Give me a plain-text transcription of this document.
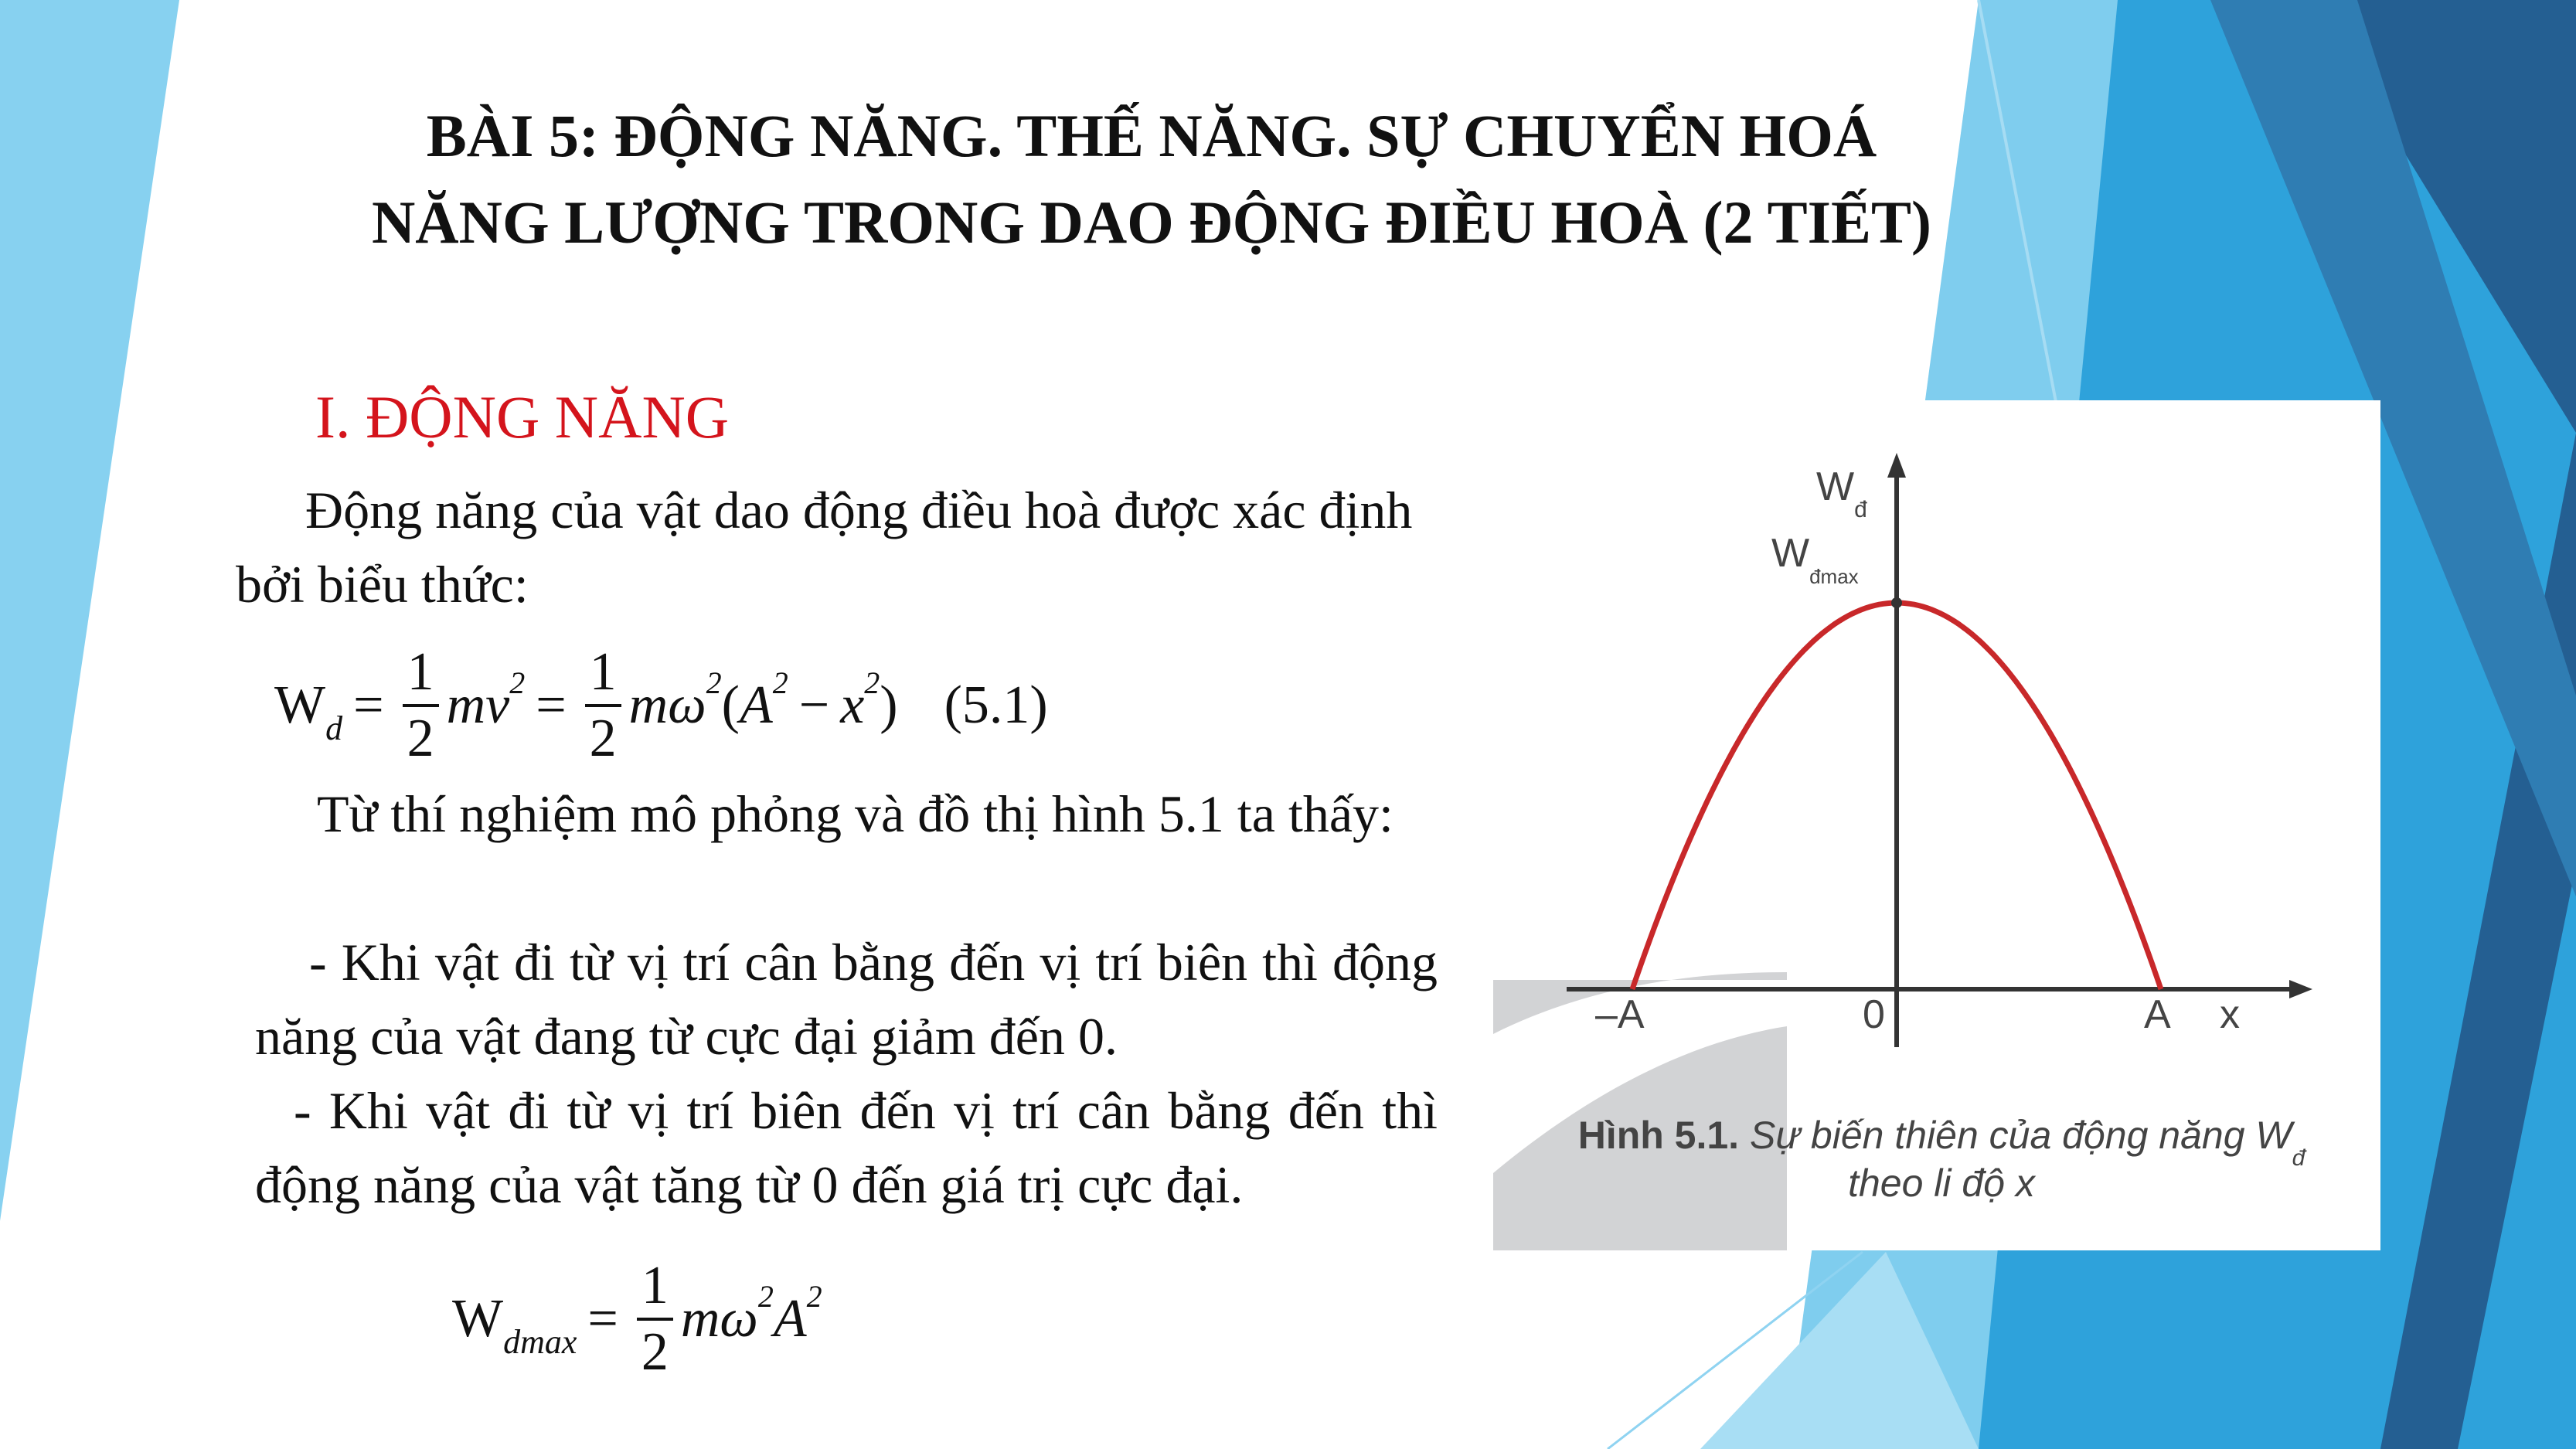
BÀI 5: ĐỘNG NĂNG. THẾ NĂNG. SỰ CHUYỂN HOÁ
NĂNG LƯỢNG TRONG DAO ĐỘNG ĐIỀU HOÀ (2 TIẾT)
I. ĐỘNG NĂNG
Động năng của vật dao động điều hoà được xác định
bởi biểu thức:
$W_d = \frac{1}{2} mv^2 = \frac{1}{2} m\omega^2$ ( $A^2 - x^2$ ) (5.1)
Từ thí nghiệm mô phỏng và đồ thị hình 5.1 ta thấy:
- Khi vật đi từ vị trí cân bằng đến vị trí biên thì động năng của vật đang từ cực đại giảm đến 0.
- Khi vật đi từ vị trí biên đến vị trí cân bằng đến thì động năng của vật tăng từ 0 đến giá trị cực đại.
$W_{dmax} = \frac{1}{2} m\omega^2$ $A^2$
$W_đ$
$W_{đmax}$
–A	0	A x
Hình 5.1. Sự biến thiên của động năng $W_đ$
theo li độ x
